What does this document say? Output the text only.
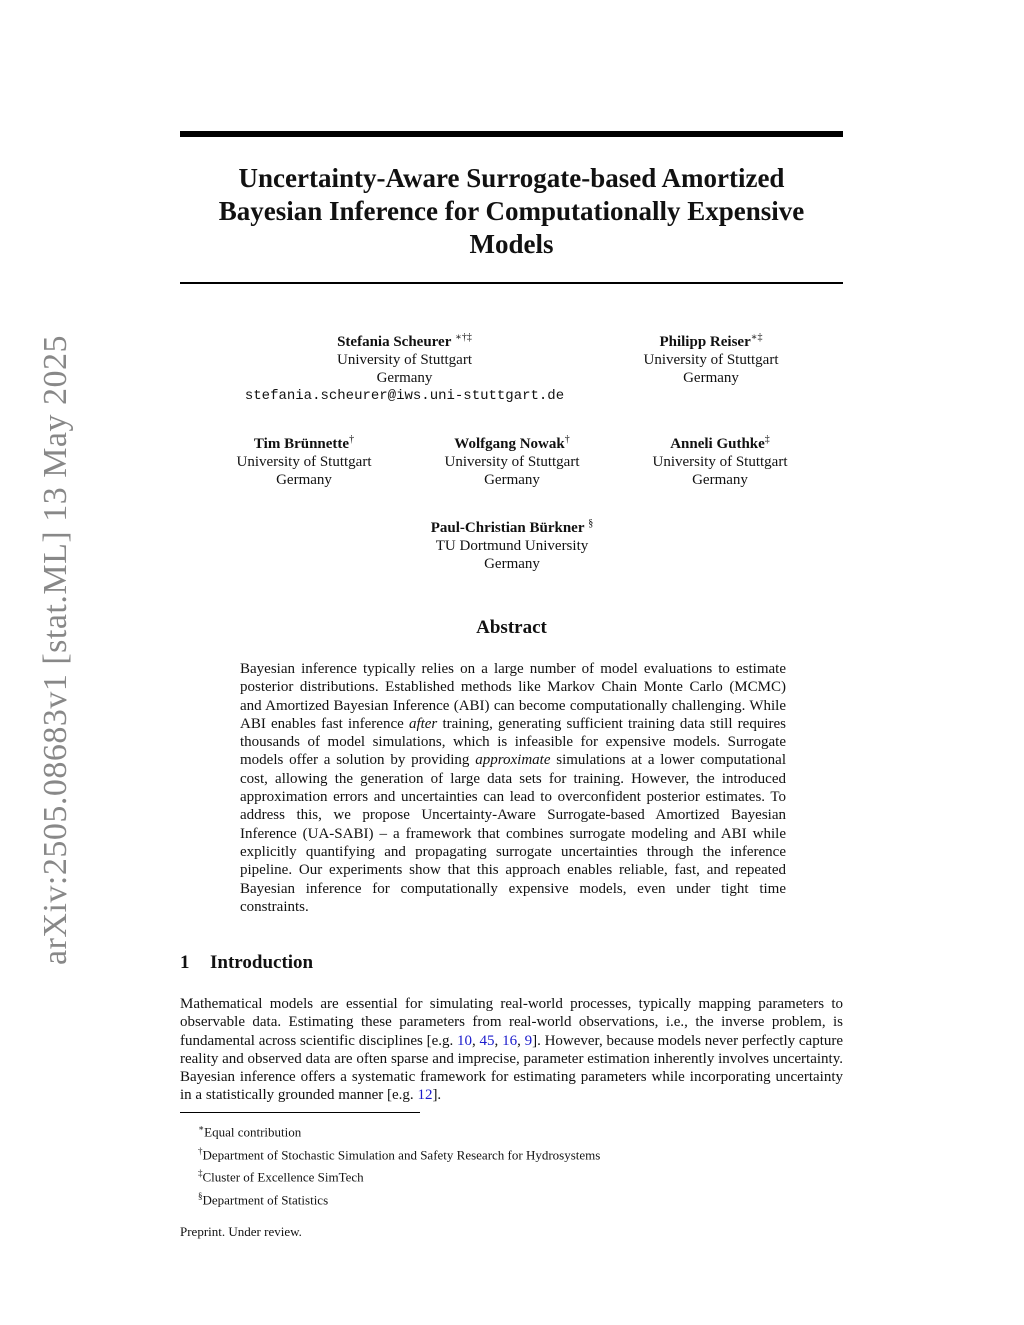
arXiv:2505.08683v1 [stat.ML] 13 May 2025
Uncertainty-Aware Surrogate-based Amortized
Bayesian Inference for Computationally Expensive
Models
Stefania Scheurer ∗†‡
University of Stuttgart
Germany
stefania.scheurer@iws.uni-stuttgart.de
Philipp Reiser∗‡
University of Stuttgart
Germany
Tim Brünnette†
University of Stuttgart
Germany
Wolfgang Nowak†
University of Stuttgart
Germany
Anneli Guthke‡
University of Stuttgart
Germany
Paul-Christian Bürkner §
TU Dortmund University
Germany
Abstract
Bayesian inference typically relies on a large number of model evaluations to estimate posterior distributions. Established methods like Markov Chain Monte Carlo (MCMC) and Amortized Bayesian Inference (ABI) can become computationally challenging. While ABI enables fast inference after training, generating sufficient training data still requires thousands of model simulations, which is infeasible for expensive models. Surrogate models offer a solution by providing approximate simulations at a lower computational cost, allowing the generation of large data sets for training. However, the introduced approximation errors and uncertainties can lead to overconfident posterior estimates. To address this, we propose Uncertainty-Aware Surrogate-based Amortized Bayesian Inference (UA-SABI) – a framework that combines surrogate modeling and ABI while explicitly quantifying and propagating surrogate uncertainties through the inference pipeline. Our experiments show that this approach enables reliable, fast, and repeated Bayesian inference for computationally expensive models, even under tight time constraints.
1 Introduction
Mathematical models are essential for simulating real-world processes, typically mapping parameters to observable data. Estimating these parameters from real-world observations, i.e., the inverse problem, is fundamental across scientific disciplines [e.g. 10, 45, 16, 9]. However, because models never perfectly capture reality and observed data are often sparse and imprecise, parameter estimation inherently involves uncertainty. Bayesian inference offers a systematic framework for estimating parameters while incorporating uncertainty in a statistically grounded manner [e.g. 12].
∗Equal contribution
†Department of Stochastic Simulation and Safety Research for Hydrosystems
‡Cluster of Excellence SimTech
§Department of Statistics
Preprint. Under review.
